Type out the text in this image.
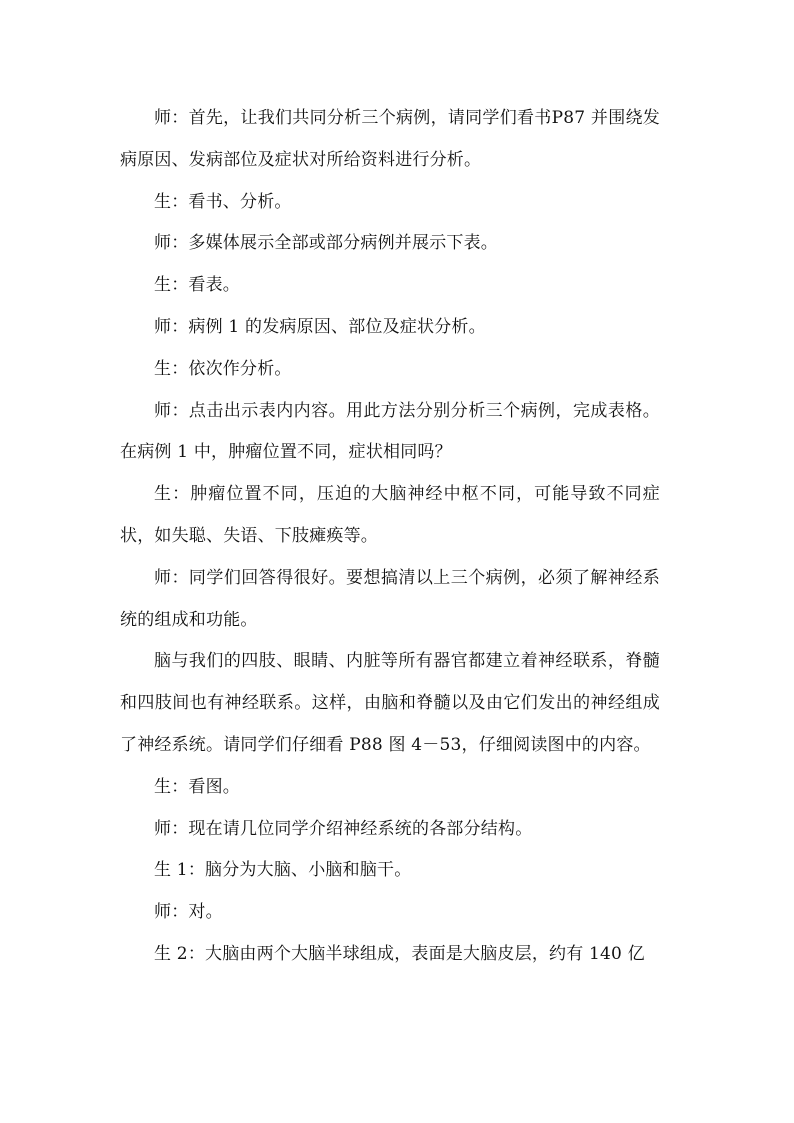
师：首先，让我们共同分析三个病例，请同学们看书P87 并围绕发病原因、发病部位及症状对所给资料进行分析。

生：看书、分析。

师：多媒体展示全部或部分病例并展示下表。

生：看表。

师：病例 1 的发病原因、部位及症状分析。

生：依次作分析。

师：点击出示表内内容。用此方法分别分析三个病例，完成表格。在病例 1 中，肿瘤位置不同，症状相同吗？

生：肿瘤位置不同，压迫的大脑神经中枢不同，可能导致不同症状，如失聪、失语、下肢瘫痪等。

师：同学们回答得很好。要想搞清以上三个病例，必须了解神经系统的组成和功能。

脑与我们的四肢、眼睛、内脏等所有器官都建立着神经联系，脊髓和四肢间也有神经联系。这样，由脑和脊髓以及由它们发出的神经组成了神经系统。请同学们仔细看 P88 图 4－53，仔细阅读图中的内容。

生：看图。

师：现在请几位同学介绍神经系统的各部分结构。

生 1：脑分为大脑、小脑和脑干。

师：对。

生 2：大脑由两个大脑半球组成，表面是大脑皮层，约有 140 亿
